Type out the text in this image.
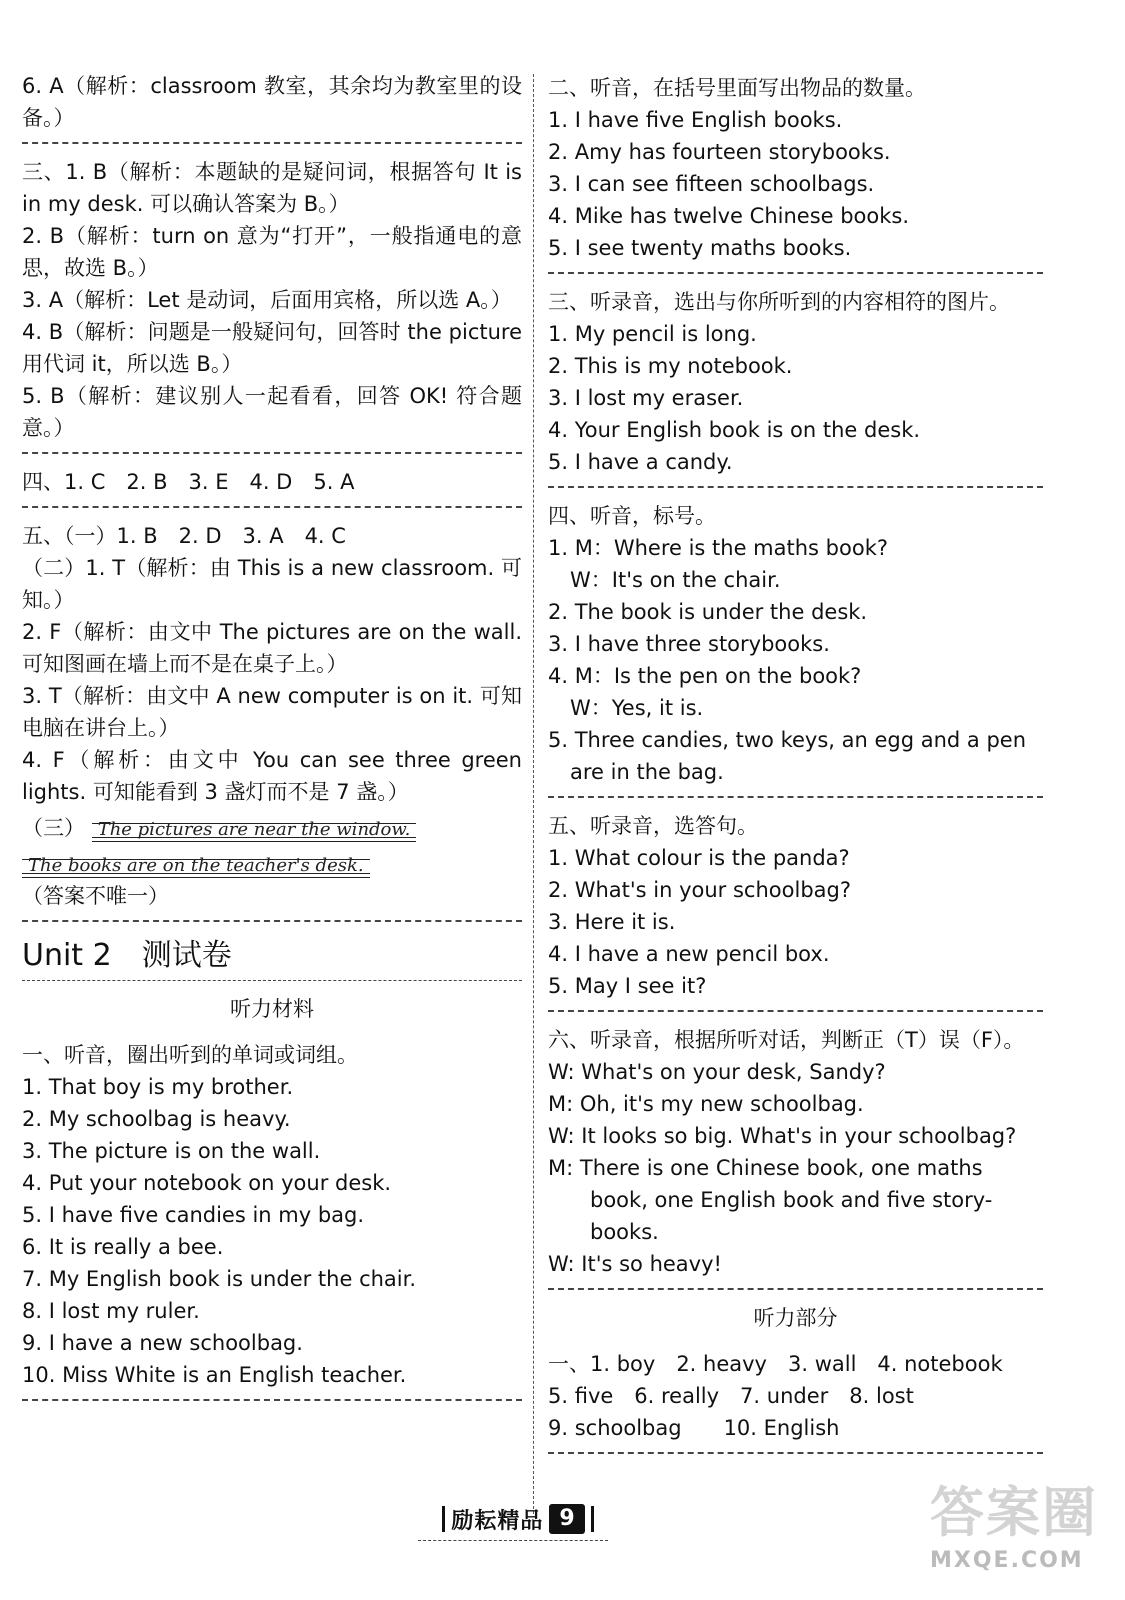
6. A（解析：classroom 教室，其余均为教室里的设备。）
三、1. B（解析：本题缺的是疑问词，根据答句 It is in my desk. 可以确认答案为 B。）
2. B（解析：turn on 意为“打开”，一般指通电的意思，故选 B。）
3. A（解析：Let 是动词，后面用宾格，所以选 A。）
4. B（解析：问题是一般疑问句，回答时 the picture 用代词 it，所以选 B。）
5. B（解析：建议别人一起看看，回答 OK! 符合题意。）
四、1. C　2. B　3. E　4. D　5. A
五、（一）1. B　2. D　3. A　4. C
（二）1. T（解析：由 This is a new classroom. 可知。）
2. F（解析：由文中 The pictures are on the wall. 可知图画在墙上而不是在桌子上。）
3. T（解析：由文中 A new computer is on it. 可知电脑在讲台上。）
4. F（解析：由文中 You can see three green lights. 可知能看到 3 盏灯而不是 7 盏。）
（三） The pictures are near the window.
The books are on the teacher's desk. （答案不唯一）
Unit 2　测试卷
听力材料
一、听音，圈出听到的单词或词组。
1. That boy is my brother.
2. My schoolbag is heavy.
3. The picture is on the wall.
4. Put your notebook on your desk.
5. I have five candies in my bag.
6. It is really a bee.
7. My English book is under the chair.
8. I lost my ruler.
9. I have a new schoolbag.
10. Miss White is an English teacher.
二、听音，在括号里面写出物品的数量。
1. I have five English books.
2. Amy has fourteen storybooks.
3. I can see fifteen schoolbags.
4. Mike has twelve Chinese books.
5. I see twenty maths books.
三、听录音，选出与你所听到的内容相符的图片。
1. My pencil is long.
2. This is my notebook.
3. I lost my eraser.
4. Your English book is on the desk.
5. I have a candy.
四、听音，标号。
1. M：Where is the maths book?
W：It's on the chair.
2. The book is under the desk.
3. I have three storybooks.
4. M：Is the pen on the book?
W：Yes, it is.
5. Three candies, two keys, an egg and a pen
are in the bag.
五、听录音，选答句。
1. What colour is the panda?
2. What's in your schoolbag?
3. Here it is.
4. I have a new pencil box.
5. May I see it?
六、听录音，根据所听对话，判断正（T）误（F）。
W: What's on your desk, Sandy?
M: Oh, it's my new schoolbag.
W: It looks so big. What's in your schoolbag?
M: There is one Chinese book, one maths
book, one English book and five story-
books.
W: It's so heavy!
听力部分
一、1. boy　2. heavy　3. wall　4. notebook
5. five　6. really　7. under　8. lost
9. schoolbag　　10. English
励耘精品 9	答案圈
MXQE.COM
